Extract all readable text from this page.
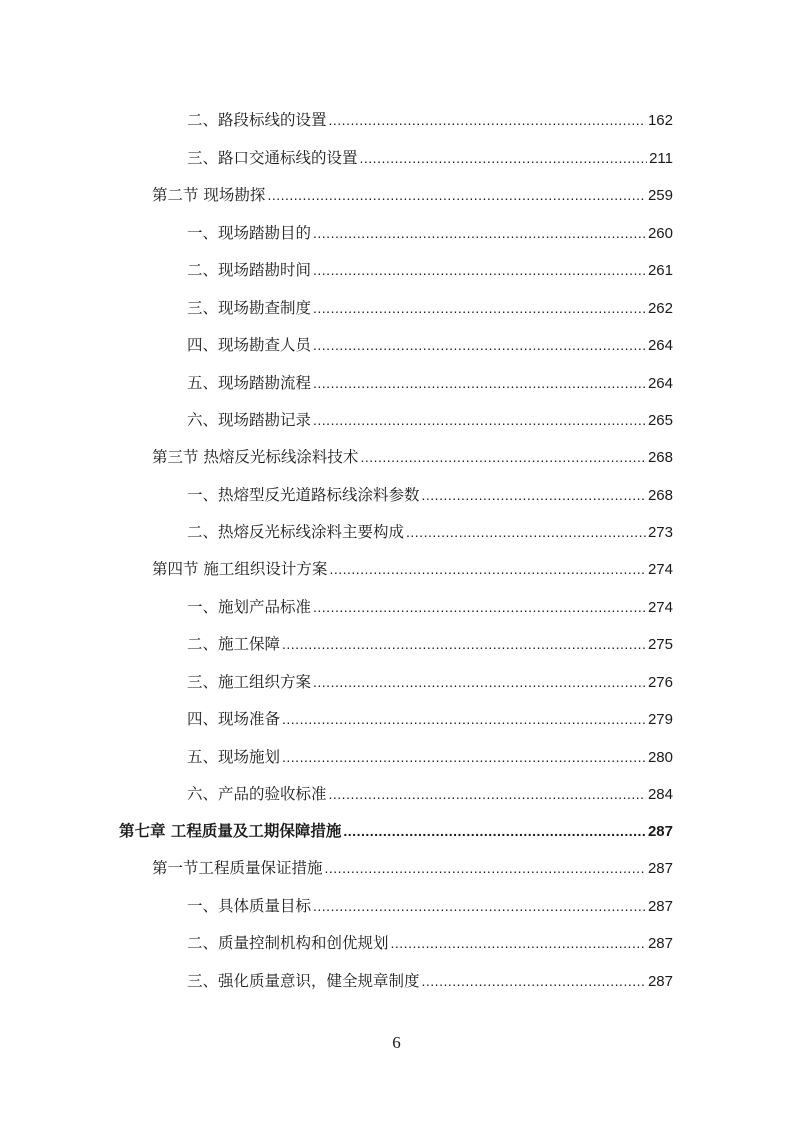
二、路段标线的设置 .....	162
三、路口交通标线的设置 .....	211
第二节 现场勘探 .....	259
一、现场踏勘目的 .....	260
二、现场踏勘时间 .....	261
三、现场勘查制度 .....	262
四、现场勘查人员 .....	264
五、现场踏勘流程 .....	264
六、现场踏勘记录 .....	265
第三节 热熔反光标线涂料技术 .....	268
一、热熔型反光道路标线涂料参数 .....	268
二、热熔反光标线涂料主要构成 .....	273
第四节 施工组织设计方案 .....	274
一、施划产品标准 .....	274
二、施工保障 .....	275
三、施工组织方案 .....	276
四、现场准备 .....	279
五、现场施划 .....	280
六、产品的验收标准 .....	284
第七章 工程质量及工期保障措施 .....	287
第一节工程质量保证措施 .....	287
一、具体质量目标 .....	287
二、质量控制机构和创优规划 .....	287
三、强化质量意识，健全规章制度 .....	287
6
